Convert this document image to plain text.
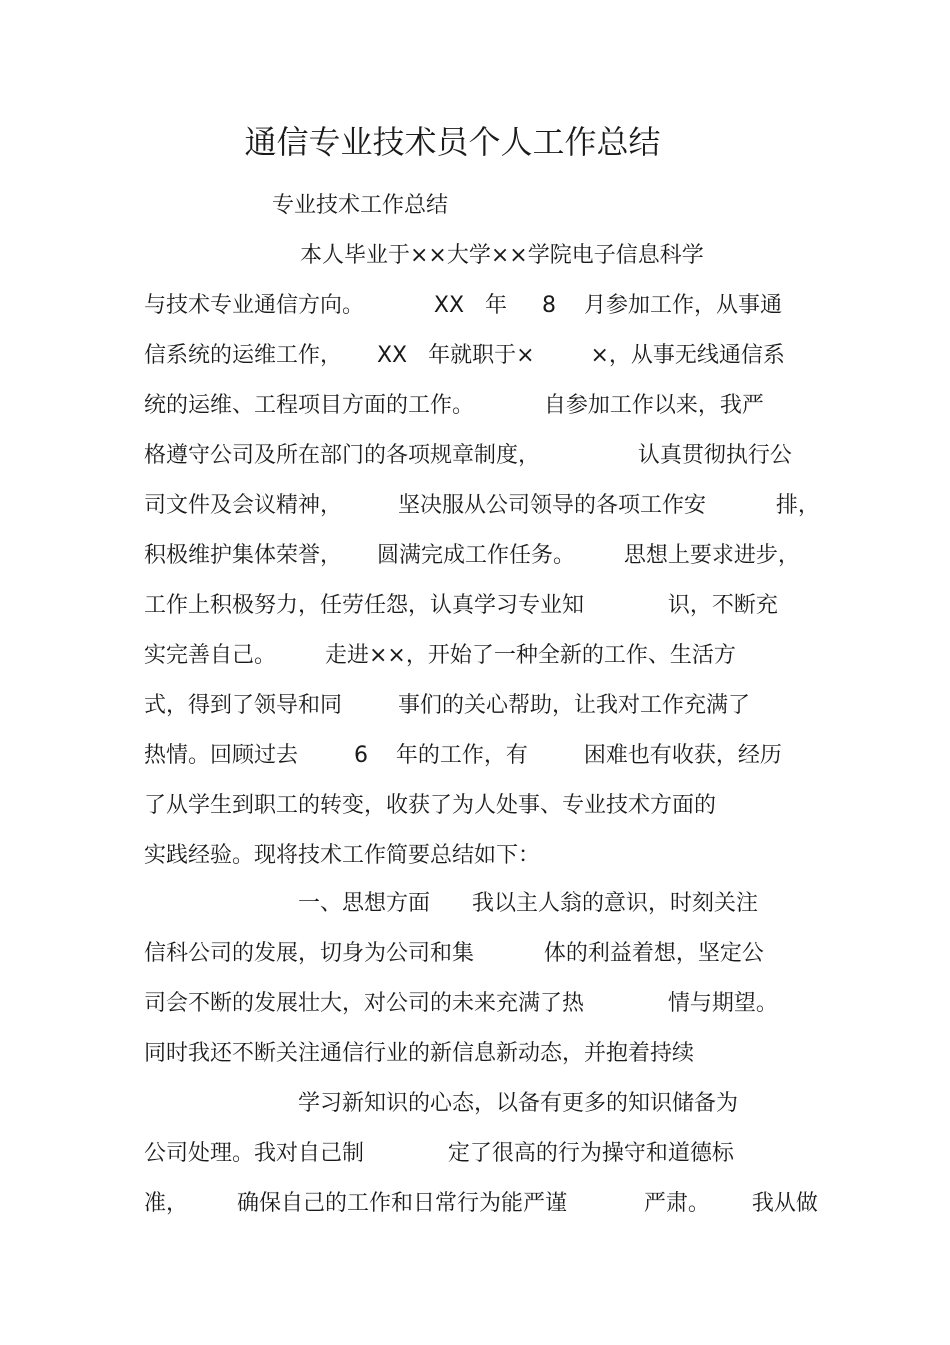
通信专业技术员个人工作总结
专业技术工作总结
本人毕业于××大学××学院电子信息科学
与技术专业通信方向。          XX   年     8    月参加工作，从事通
信系统的运维工作，     XX   年就职于×        ×，从事无线通信系
统的运维、工程项目方面的工作。          自参加工作以来，我严
格遵守公司及所在部门的各项规章制度，              认真贯彻执行公
司文件及会议精神，        坚决服从公司领导的各项工作安          排，
积极维护集体荣誉，     圆满完成工作任务。       思想上要求进步，
工作上积极努力，任劳任怨，认真学习专业知            识，不断充
实完善自己。       走进××，开始了一种全新的工作、生活方
式，得到了领导和同        事们的关心帮助，让我对工作充满了
热情。回顾过去        6    年的工作，有        困难也有收获，经历
了从学生到职工的转变，收获了为人处事、专业技术方面的
实践经验。现将技术工作简要总结如下：
一、思想方面      我以主人翁的意识，时刻关注
信科公司的发展，切身为公司和集          体的利益着想，坚定公
司会不断的发展壮大，对公司的未来充满了热            情与期望。
同时我还不断关注通信行业的新信息新动态，并抱着持续
学习新知识的心态，以备有更多的知识储备为
公司处理。我对自己制            定了很高的行为操守和道德标
准，       确保自己的工作和日常行为能严谨           严肃。      我从做
